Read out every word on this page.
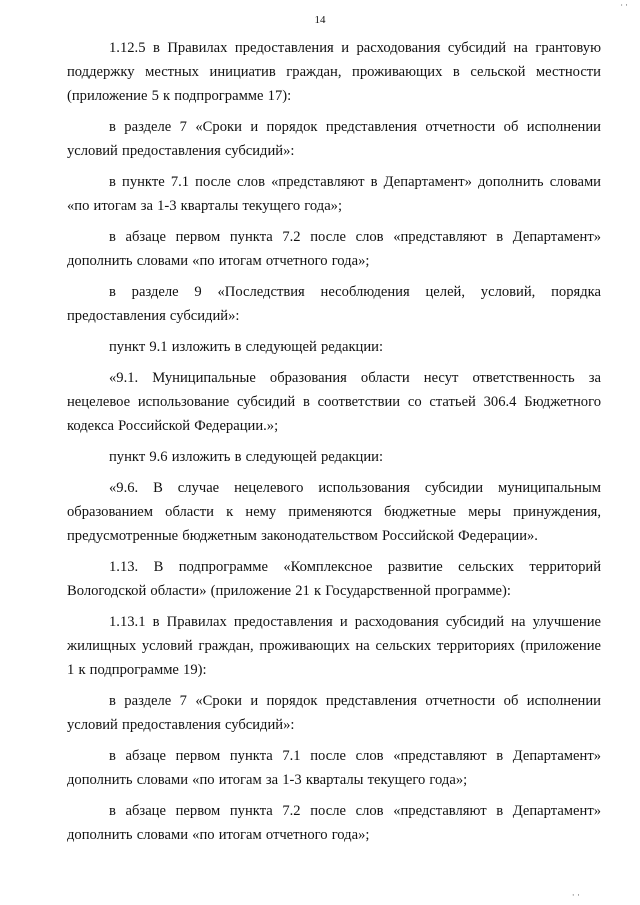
∙ ·
14

1.12.5 в Правилах предоставления и расходования субсидий на грантовую поддержку местных инициатив граждан, проживающих в сельской местности (приложение 5 к подпрограмме 17):

в разделе 7 «Сроки и порядок представления отчетности об исполнении условий предоставления субсидий»:

в пункте 7.1 после слов «представляют в Департамент» дополнить словами «по итогам за 1-3 кварталы текущего года»;

в абзаце первом пункта 7.2 после слов «представляют в Департамент» дополнить словами «по итогам отчетного года»;

в разделе 9 «Последствия несоблюдения целей, условий, порядка предоставления субсидий»:

пункт 9.1 изложить в следующей редакции:

«9.1. Муниципальные образования области несут ответственность за нецелевое использование субсидий в соответствии со статьей 306.4 Бюджетного кодекса Российской Федерации.»;

пункт 9.6 изложить в следующей редакции:

«9.6. В случае нецелевого использования субсидии муниципальным образованием области к нему применяются бюджетные меры принуждения, предусмотренные бюджетным законодательством Российской Федерации».

1.13. В подпрограмме «Комплексное развитие сельских территорий Вологодской области» (приложение 21 к Государственной программе):

1.13.1 в Правилах предоставления и расходования субсидий на улучшение жилищных условий граждан, проживающих на сельских территориях (приложение 1 к подпрограмме 19):

в разделе 7 «Сроки и порядок представления отчетности об исполнении условий предоставления субсидий»:

в абзаце первом пункта 7.1 после слов «представляют в Департамент» дополнить словами «по итогам за 1-3 кварталы текущего года»;

в абзаце первом пункта 7.2 после слов «представляют в Департамент» дополнить словами «по итогам отчетного года»;

· ·
